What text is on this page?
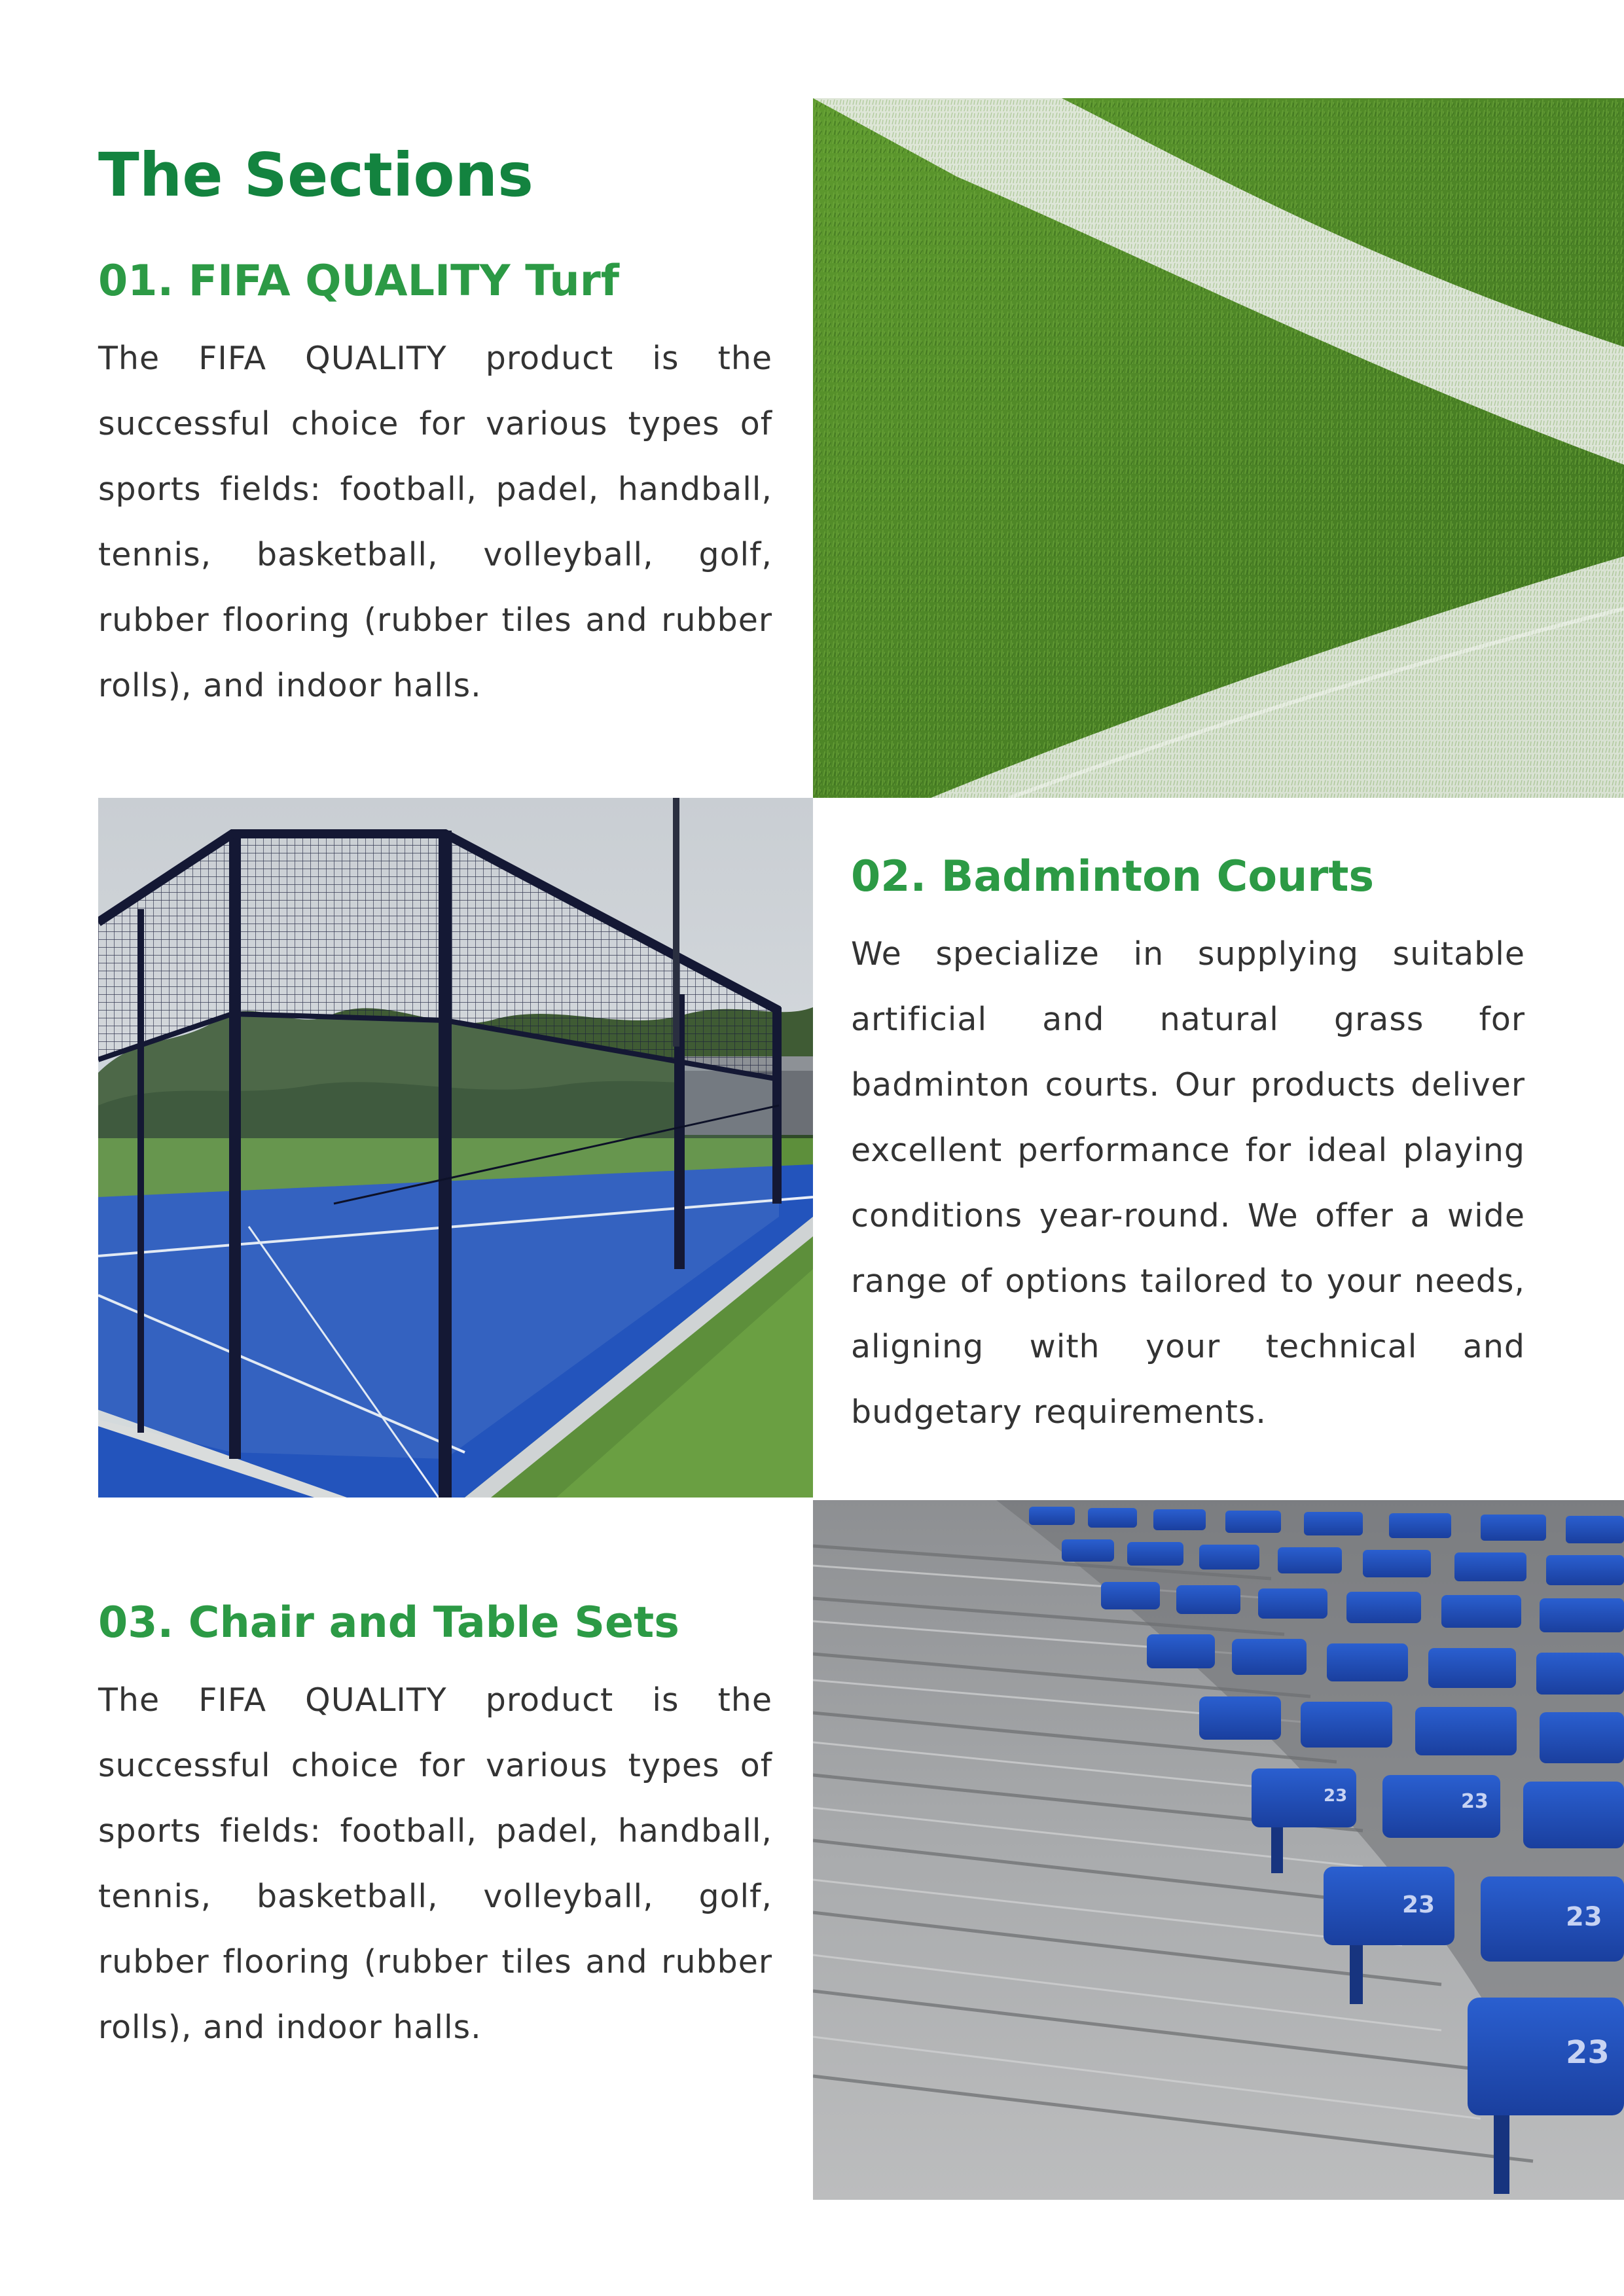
The Sections
01. FIFA QUALITY Turf

The FIFA QUALITY product is the successful choice for various types of sports fields: football, padel, handball, tennis, basketball, volleyball, golf, rubber flooring (rubber tiles and rubber rolls), and indoor halls.

02. Badminton Courts

We specialize in supplying suitable artificial and natural grass for badminton courts. Our products deliver excellent performance for ideal playing conditions year-round. We offer a wide range of options tailored to your needs, aligning with your technical and budgetary requirements.

03. Chair and Table Sets

The FIFA QUALITY product is the successful choice for various types of sports fields: football, padel, handball, tennis, basketball, volleyball, golf, rubber flooring (rubber tiles and rubber rolls), and indoor halls.

23	23
23	23
23
